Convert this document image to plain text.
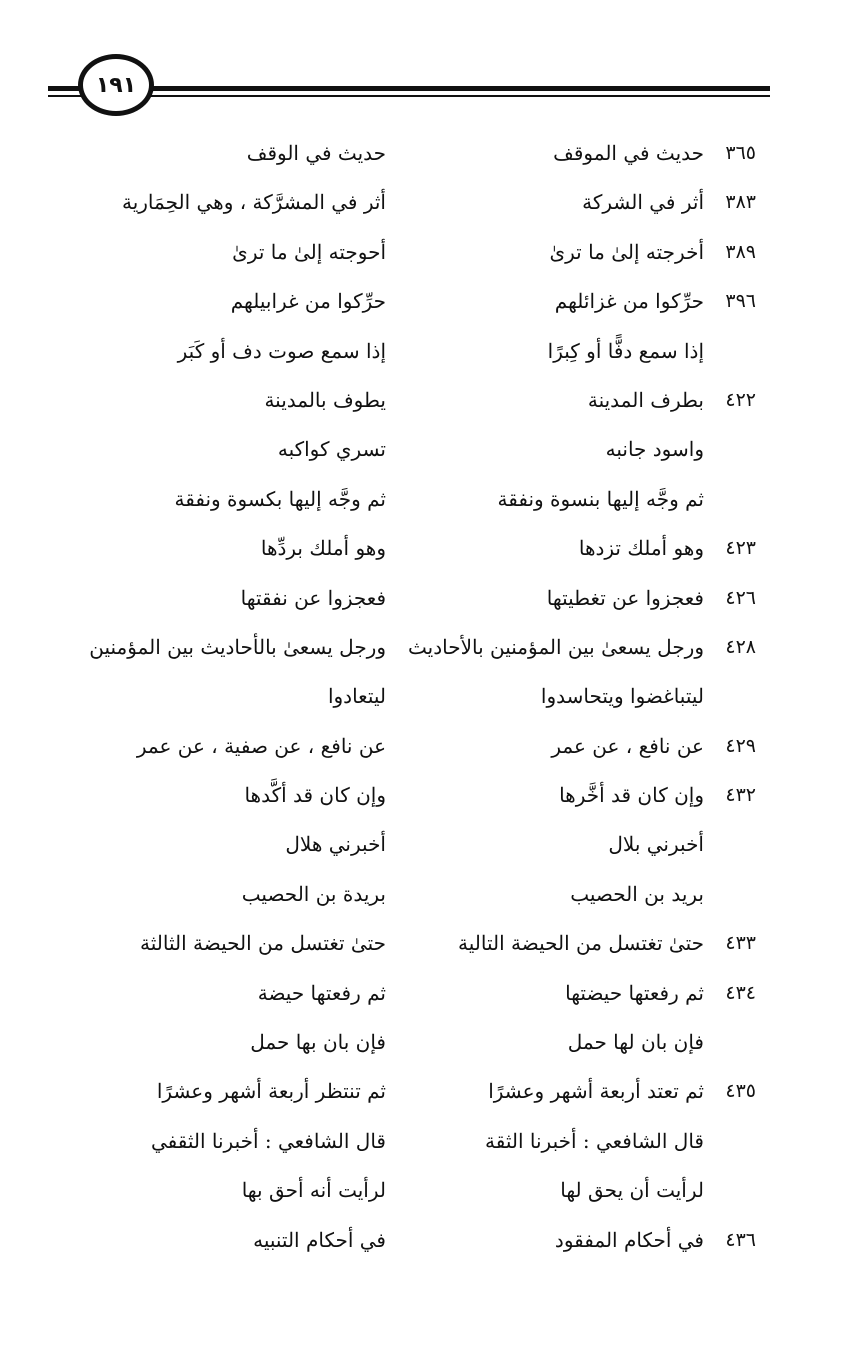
١٩١
٣٦٥
حديث في الموقف
حديث في الوقف
٣٨٣
أثر في الشركة
أثر في المشرَّكة ، وهي الحِمَارية
٣٨٩
أخرجته إلىٰ ما ترىٰ
أحوجته إلىٰ ما ترىٰ
٣٩٦
حرِّكوا من غزائلهم
حرِّكوا من غرابيلهم
إذا سمع دفًّا أو كِبرًا
إذا سمع صوت دف أو كَبَر
٤٢٢
بطرف المدينة
يطوف بالمدينة
واسود جانبه
تسري كواكبه
ثم وجَّه إليها بنسوة ونفقة
ثم وجَّه إليها بكسوة ونفقة
٤٢٣
وهو أملك تزدها
وهو أملك بردِّها
٤٢٦
فعجزوا عن تغطيتها
فعجزوا عن نفقتها
٤٢٨
ورجل يسعىٰ بين المؤمنين بالأحاديث
ورجل يسعىٰ بالأحاديث بين المؤمنين
ليتباغضوا ويتحاسدوا
ليتعادوا
٤٢٩
عن نافع ، عن عمر
عن نافع ، عن صفية ، عن عمر
٤٣٢
وإن كان قد أخَّرها
وإن كان قد أكَّدها
أخبرني بلال
أخبرني هلال
بريد بن الحصيب
بريدة بن الحصيب
٤٣٣
حتىٰ تغتسل من الحيضة التالية
حتىٰ تغتسل من الحيضة الثالثة
٤٣٤
ثم رفعتها حيضتها
ثم رفعتها حيضة
فإن بان لها حمل
فإن بان بها حمل
٤٣٥
ثم تعتد أربعة أشهر وعشرًا
ثم تنتظر أربعة أشهر وعشرًا
قال الشافعي : أخبرنا الثقة
قال الشافعي : أخبرنا الثقفي
لرأيت أن يحق لها
لرأيت أنه أحق بها
٤٣٦
في أحكام المفقود
في أحكام التنبيه
